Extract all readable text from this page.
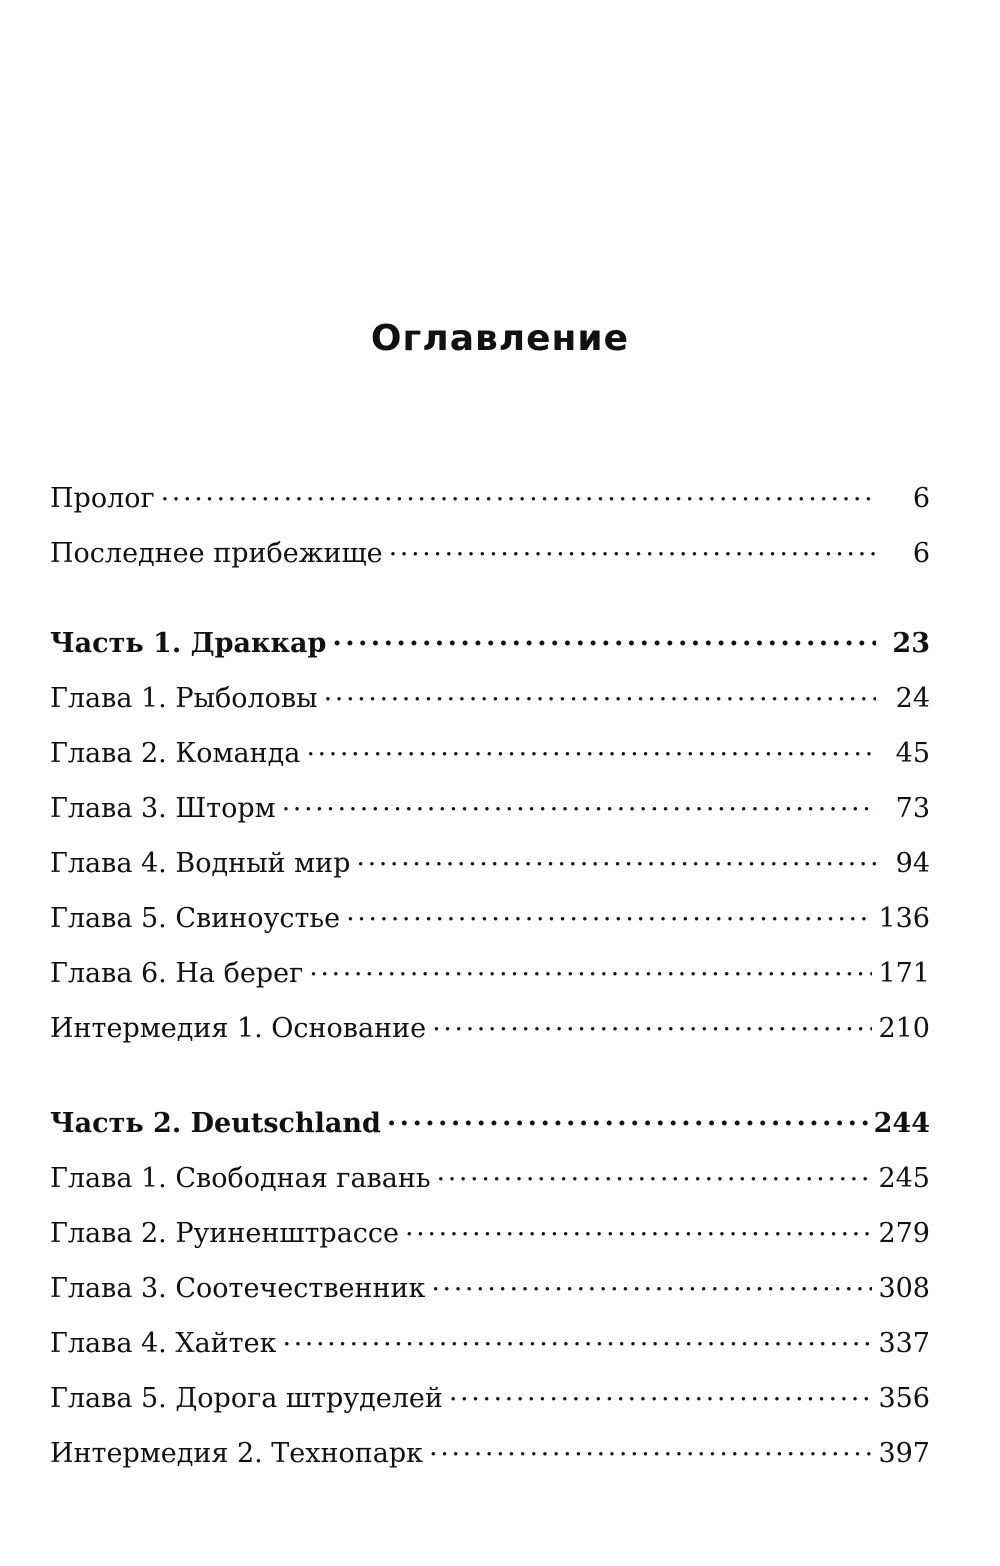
Оглавление
Пролог . . .	6
Последнее прибежище . . .	6
Часть 1. Драккар . . .	23
Глава 1. Рыболовы . . .	24
Глава 2. Команда . . .	45
Глава 3. Шторм . . .	73
Глава 4. Водный мир . . .	94
Глава 5. Свиноустье . . .	136
Глава 6. На берег . . .	171
Интермедия 1. Основание . . .	210
Часть 2. Deutschland . . .	244
Глава 1. Свободная гавань . . .	245
Глава 2. Руиненштрассе . . .	279
Глава 3. Соотечественник . . .	308
Глава 4. Хайтек . . .	337
Глава 5. Дорога штруделей . . .	356
Интермедия 2. Технопарк . . .	397
